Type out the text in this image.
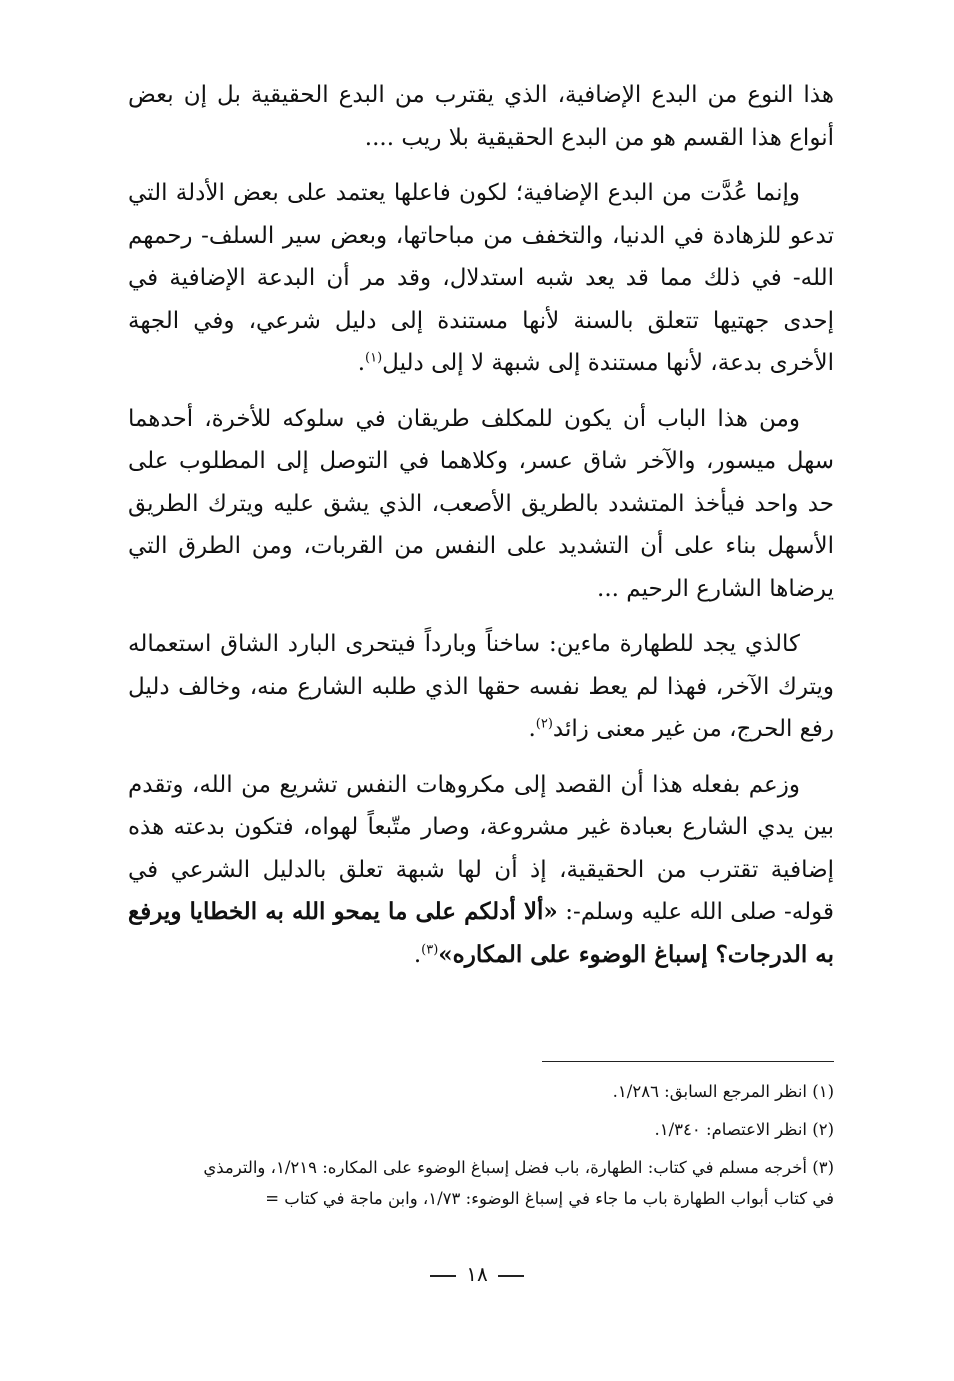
هذا النوع من البدع الإضافية، الذي يقترب من البدع الحقيقية بل إن بعض أنواع هذا القسم هو من البدع الحقيقية بلا ريب ....

وإنما عُدَّت من البدع الإضافية؛ لكون فاعلها يعتمد على بعض الأدلة التي تدعو للزهادة في الدنيا، والتخفف من مباحاتها، وبعض سير السلف- رحمهم الله- في ذلك مما قد يعد شبه استدلال، وقد مر أن البدعة الإضافية في إحدى جهتيها تتعلق بالسنة لأنها مستندة إلى دليل شرعي، وفي الجهة الأخرى بدعة، لأنها مستندة إلى شبهة لا إلى دليل$^{(١)}$.

ومن هذا الباب أن يكون للمكلف طريقان في سلوكه للأخرة، أحدهما سهل ميسور، والآخر شاق عسر، وكلاهما في التوصل إلى المطلوب على حد واحد فيأخذ المتشدد بالطريق الأصعب، الذي يشق عليه ويترك الطريق الأسهل بناء على أن التشديد على النفس من القربات، ومن الطرق التي يرضاها الشارع الرحيم ...

كالذي يجد للطهارة ماءين: ساخناً وبارداً فيتحرى البارد الشاق استعماله ويترك الآخر، فهذا لم يعط نفسه حقها الذي طلبه الشارع منه، وخالف دليل رفع الحرج، من غير معنى زائد$^{(٢)}$.

وزعم بفعله هذا أن القصد إلى مكروهات النفس تشريع من الله، وتقدم بين يدي الشارع بعبادة غير مشروعة، وصار متّبعاً لهواه، فتكون بدعته هذه إضافية تقترب من الحقيقية، إذ أن لها شبهة تعلق بالدليل الشرعي في قوله- صلى الله عليه وسلم-: «ألا أدلكم على ما يمحو الله به الخطايا ويرفع به الدرجات؟ إسباغ الوضوء على المكاره»$^{(٣)}$.

(١) انظر المرجع السابق: ١/٢٨٦.

(٢) انظر الاعتصام: ١/٣٤٠.

(٣) أخرجه مسلم في كتاب: الطهارة، باب فضل إسباغ الوضوء على المكاره: ١/٢١٩، والترمذي
في كتاب أبواب الطهارة باب ما جاء في إسباغ الوضوء: ١/٧٣، وابن ماجة في كتاب =

١٨
